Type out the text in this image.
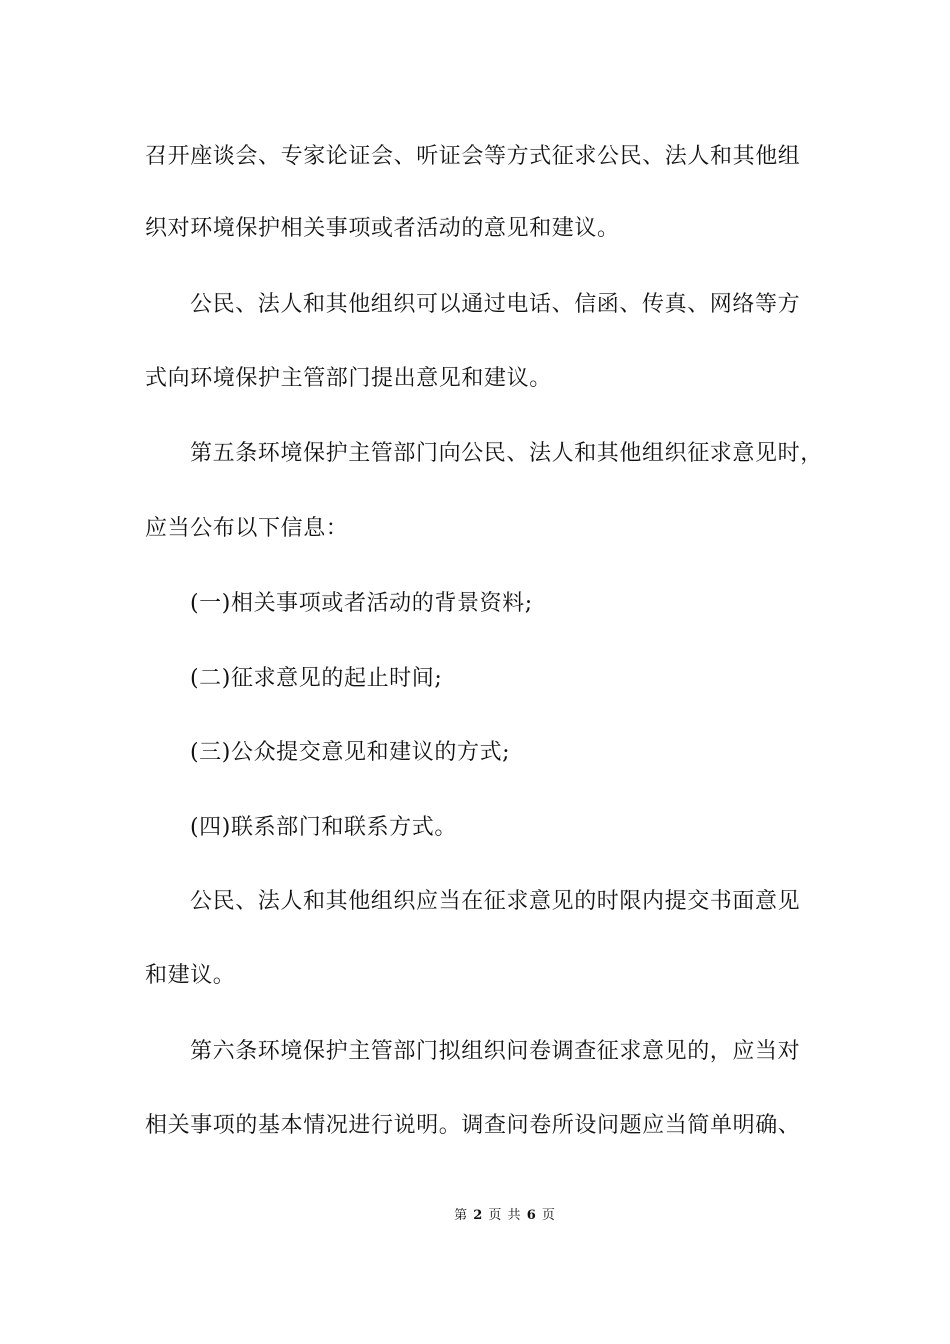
召开座谈会、专家论证会、听证会等方式征求公民、法人和其他组
织对环境保护相关事项或者活动的意见和建议。
公民、法人和其他组织可以通过电话、信函、传真、网络等方
式向环境保护主管部门提出意见和建议。
第五条环境保护主管部门向公民、法人和其他组织征求意见时，
应当公布以下信息：
(一)相关事项或者活动的背景资料;
(二)征求意见的起止时间;
(三)公众提交意见和建议的方式;
(四)联系部门和联系方式。
公民、法人和其他组织应当在征求意见的时限内提交书面意见
和建议。
第六条环境保护主管部门拟组织问卷调查征求意见的，应当对
相关事项的基本情况进行说明。调查问卷所设问题应当简单明确、
第 2 页 共 6 页
